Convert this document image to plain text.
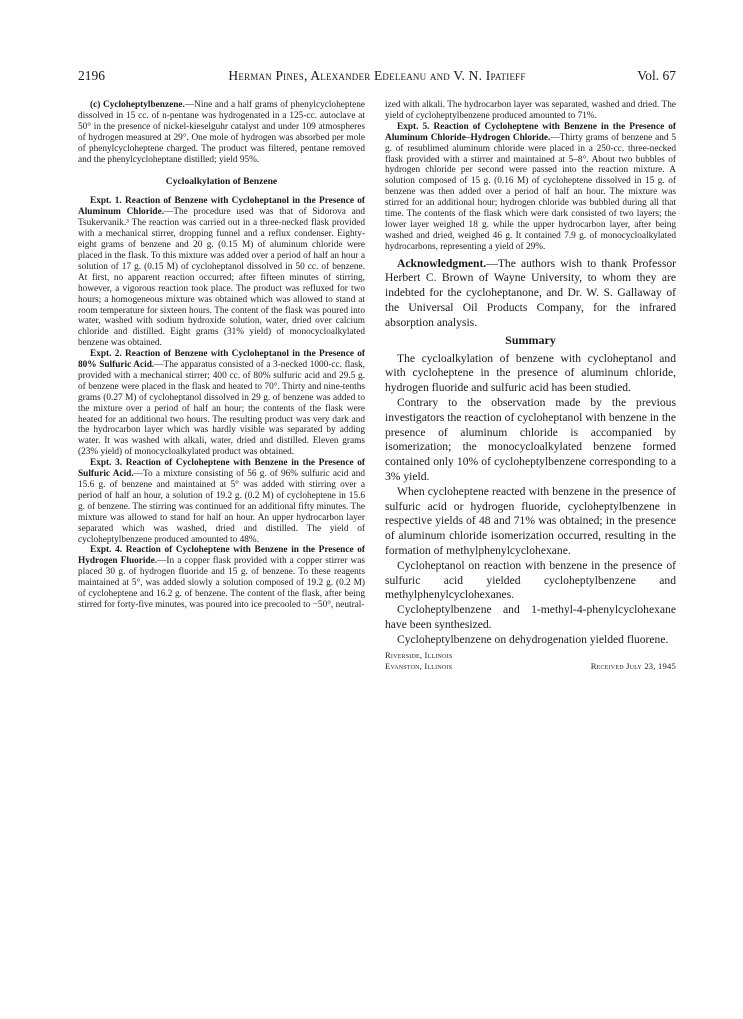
2196	Herman Pines, Alexander Edeleanu and V. N. Ipatieff	Vol. 67

(c) Cycloheptylbenzene.—Nine and a half grams of phenylcycloheptene dissolved in 15 cc. of n-pentane was hydrogenated in a 125-cc. autoclave at 50° in the presence of nickel-kieselguhr catalyst and under 109 atmospheres of hydrogen measured at 29°. One mole of hydrogen was absorbed per mole of phenylcycloheptene charged. The product was filtered, pentane removed and the phenylcycloheptane distilled; yield 95%.

Cycloalkylation of Benzene

Expt. 1. Reaction of Benzene with Cycloheptanol in the Presence of Aluminum Chloride.—The procedure used was that of Sidorova and Tsukervanik.³ The reaction was carried out in a three-necked flask provided with a mechanical stirrer, dropping funnel and a reflux condenser. Eighty-eight grams of benzene and 20 g. (0.15 M) of aluminum chloride were placed in the flask. To this mixture was added over a period of half an hour a solution of 17 g. (0.15 M) of cycloheptanol dissolved in 50 cc. of benzene. At first, no apparent reaction occurred; after fifteen minutes of stirring, however, a vigorous reaction took place. The product was refluxed for two hours; a homogeneous mixture was obtained which was allowed to stand at room temperature for sixteen hours. The content of the flask was poured into water, washed with sodium hydroxide solution, water, dried over calcium chloride and distilled. Eight grams (31% yield) of monocycloalkylated benzene was obtained.

Expt. 2. Reaction of Benzene with Cycloheptanol in the Presence of 80% Sulfuric Acid.—The apparatus consisted of a 3-necked 1000-cc. flask, provided with a mechanical stirrer; 400 cc. of 80% sulfuric acid and 29.5 g. of benzene were placed in the flask and heated to 70°. Thirty and nine-tenths grams (0.27 M) of cycloheptanol dissolved in 29 g. of benzene was added to the mixture over a period of half an hour; the contents of the flask were heated for an additional two hours. The resulting product was very dark and the hydrocarbon layer which was hardly visible was separated by adding water. It was washed with alkali, water, dried and distilled. Eleven grams (23% yield) of monocycloalkylated product was obtained.

Expt. 3. Reaction of Cycloheptene with Benzene in the Presence of Sulfuric Acid.—To a mixture consisting of 56 g. of 96% sulfuric acid and 15.6 g. of benzene and maintained at 5° was added with stirring over a period of half an hour, a solution of 19.2 g. (0.2 M) of cycloheptene in 15.6 g. of benzene. The stirring was continued for an additional fifty minutes. The mixture was allowed to stand for half an hour. An upper hydrocarbon layer separated which was washed, dried and distilled. The yield of cycloheptylbenzene produced amounted to 48%.

Expt. 4. Reaction of Cycloheptene with Benzene in the Presence of Hydrogen Fluoride.—In a copper flask provided with a copper stirrer was placed 30 g. of hydrogen fluoride and 15 g. of benzene. To these reagents maintained at 5°, was added slowly a solution composed of 19.2 g. (0.2 M) of cycloheptene and 16.2 g. of benzene. The content of the flask, after being stirred for forty-five minutes, was poured into ice precooled to −50°, neutral-

ized with alkali. The hydrocarbon layer was separated, washed and dried. The yield of cycloheptylbenzene produced amounted to 71%.

Expt. 5. Reaction of Cycloheptene with Benzene in the Presence of Aluminum Chloride–Hydrogen Chloride.—Thirty grams of benzene and 5 g. of resublimed aluminum chloride were placed in a 250-cc. three-necked flask provided with a stirrer and maintained at 5–8°. About two bubbles of hydrogen chloride per second were passed into the reaction mixture. A solution composed of 15 g. (0.16 M) of cycloheptene dissolved in 15 g. of benzene was then added over a period of half an hour. The mixture was stirred for an additional hour; hydrogen chloride was bubbled during all that time. The contents of the flask which were dark consisted of two layers; the lower layer weighed 18 g. while the upper hydrocarbon layer, after being washed and dried, weighed 46 g. It contained 7.9 g. of monocycloalkylated hydrocarbons, representing a yield of 29%.

Acknowledgment.—The authors wish to thank Professor Herbert C. Brown of Wayne University, to whom they are indebted for the cycloheptanone, and Dr. W. S. Gallaway of the Universal Oil Products Company, for the infrared absorption analysis.

Summary

The cycloalkylation of benzene with cycloheptanol and with cycloheptene in the presence of aluminum chloride, hydrogen fluoride and sulfuric acid has been studied.

Contrary to the observation made by the previous investigators the reaction of cycloheptanol with benzene in the presence of aluminum chloride is accompanied by isomerization; the monocycloalkylated benzene formed contained only 10% of cycloheptylbenzene corresponding to a 3% yield.

When cycloheptene reacted with benzene in the presence of sulfuric acid or hydrogen fluoride, cycloheptylbenzene in respective yields of 48 and 71% was obtained; in the presence of aluminum chloride isomerization occurred, resulting in the formation of methylphenylcyclohexane.

Cycloheptanol on reaction with benzene in the presence of sulfuric acid yielded cycloheptylbenzene and methylphenylcyclohexanes.

Cycloheptylbenzene and 1-methyl-4-phenylcyclohexane have been synthesized.

Cycloheptylbenzene on dehydrogenation yielded fluorene.

Riverside, Illinois
Evanston, Illinois	Received July 23, 1945
